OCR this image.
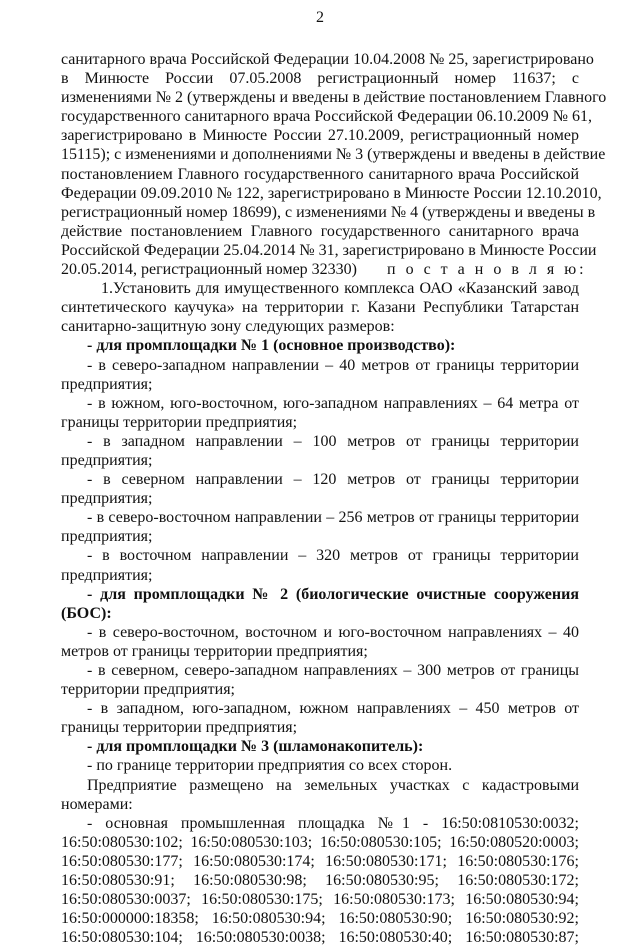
2
санитарного врача Российской Федерации 10.04.2008 № 25, зарегистрировано
в Минюсте России 07.05.2008 регистрационный номер 11637; с
изменениями № 2 (утверждены и введены в действие постановлением Главного
государственного санитарного врача Российской Федерации 06.10.2009 № 61,
зарегистрировано в Минюсте России 27.10.2009, регистрационный номер
15115); с изменениями и дополнениями № 3 (утверждены и введены в действие
постановлением Главного государственного санитарного врача Российской
Федерации 09.09.2010 № 122, зарегистрировано в Минюсте России 12.10.2010,
регистрационный номер 18699), с изменениями № 4 (утверждены и введены в
действие постановлением Главного государственного санитарного врача
Российской Федерации 25.04.2014 № 31, зарегистрировано в Минюсте России
20.05.2014, регистрационный номер 32330) п о с т а н о в л я ю:
1.Установить для имущественного комплекса ОАО «Казанский завод
синтетического каучука» на территории г. Казани Республики Татарстан
санитарно-защитную зону следующих размеров:
- для промплощадки № 1 (основное производство):
- в северо-западном направлении – 40 метров от границы территории
предприятия;
- в южном, юго-восточном, юго-западном направлениях – 64 метра от
границы территории предприятия;
- в западном направлении – 100 метров от границы территории
предприятия;
- в северном направлении – 120 метров от границы территории
предприятия;
- в северо-восточном направлении – 256 метров от границы территории
предприятия;
- в восточном направлении – 320 метров от границы территории
предприятия;
- для промплощадки № 2 (биологические очистные сооружения
(БОС):
- в северо-восточном, восточном и юго-восточном направлениях – 40
метров от границы территории предприятия;
- в северном, северо-западном направлениях – 300 метров от границы
территории предприятия;
- в западном, юго-западном, южном направлениях – 450 метров от
границы территории предприятия;
- для промплощадки № 3 (шламонакопитель):
- по границе территории предприятия со всех сторон.
Предприятие размещено на земельных участках с кадастровыми
номерами:
- основная промышленная площадка №1 - 16:50:0810530:0032;
16:50:080530:102; 16:50:080530:103; 16:50:080530:105; 16:50:080520:0003;
16:50:080530:177; 16:50:080530:174; 16:50:080530:171; 16:50:080530:176;
16:50:080530:91; 16:50:080530:98; 16:50:080530:95; 16:50:080530:172;
16:50:080530:0037; 16:50:080530:175; 16:50:080530:173; 16:50:080530:94;
16:50:000000:18358; 16:50:080530:94; 16:50:080530:90; 16:50:080530:92;
16:50:080530:104; 16:50:080530:0038; 16:50:080530:40; 16:50:080530:87;
